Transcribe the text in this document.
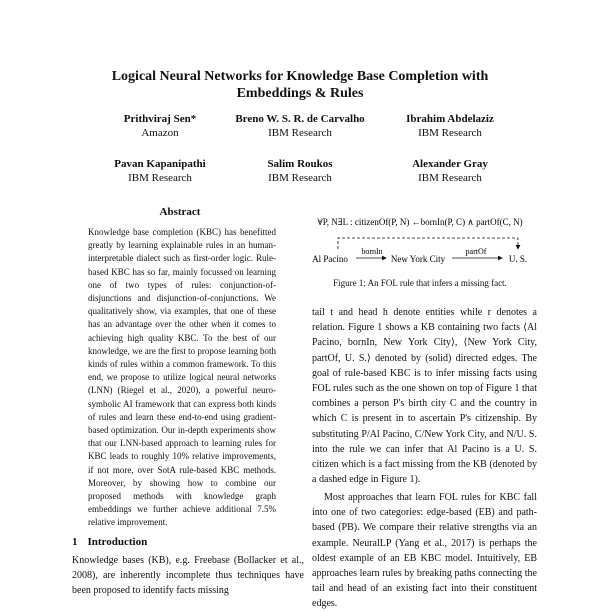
Logical Neural Networks for Knowledge Base Completion with Embeddings & Rules
Prithviraj Sen*
Amazon
Breno W. S. R. de Carvalho
IBM Research
Ibrahim Abdelaziz
IBM Research
Pavan Kapanipathi
IBM Research
Salim Roukos
IBM Research
Alexander Gray
IBM Research
Abstract

Knowledge base completion (KBC) has benefitted greatly by learning explainable rules in an human-interpretable dialect such as first-order logic. Rule-based KBC has so far, mainly focussed on learning one of two types of rules: conjunction-of-disjunctions and disjunction-of-conjunctions. We qualitatively show, via examples, that one of these has an advantage over the other when it comes to achieving high quality KBC. To the best of our knowledge, we are the first to propose learning both kinds of rules within a common framework. To this end, we propose to utilize logical neural networks (LNN) (Riegel et al., 2020), a powerful neuro-symbolic AI framework that can express both kinds of rules and learn these end-to-end using gradient-based optimization. Our in-depth experiments show that our LNN-based approach to learning rules for KBC leads to roughly 10% relative improvements, if not more, over SotA rule-based KBC methods. Moreover, by showing how to combine our proposed methods with knowledge graph embeddings we further achieve additional 7.5% relative improvement.

1 Introduction

Knowledge bases (KB), e.g. Freebase (Bollacker et al., 2008), are inherently incomplete thus techniques have been proposed to identify facts missing

∀P, N∃L : citizenOf(P, N) ←bornIn(P, C) ∧ partOf(C, N)
Al Pacino
bornIn
New York City
partOf
U. S.
Figure 1: An FOL rule that infers a missing fact.

tail t and head h denote entities while r denotes a relation. Figure 1 shows a KB containing two facts ⟨Al Pacino, bornIn, New York City⟩, ⟨New York City, partOf, U. S.⟩ denoted by (solid) directed edges. The goal of rule-based KBC is to infer missing facts using FOL rules such as the one shown on top of Figure 1 that combines a person P's birth city C and the country in which C is present in to ascertain P's citizenship. By substituting P/Al Pacino, C/New York City, and N/U. S. into the rule we can infer that Al Pacino is a U. S. citizen which is a fact missing from the KB (denoted by a dashed edge in Figure 1).

Most approaches that learn FOL rules for KBC fall into one of two categories: edge-based (EB) and path-based (PB). We compare their relative strengths via an example. NeuralLP (Yang et al., 2017) is perhaps the oldest example of an EB KBC model. Intuitively, EB approaches learn rules by breaking paths connecting the tail and head of an existing fact into their constituent edges.
